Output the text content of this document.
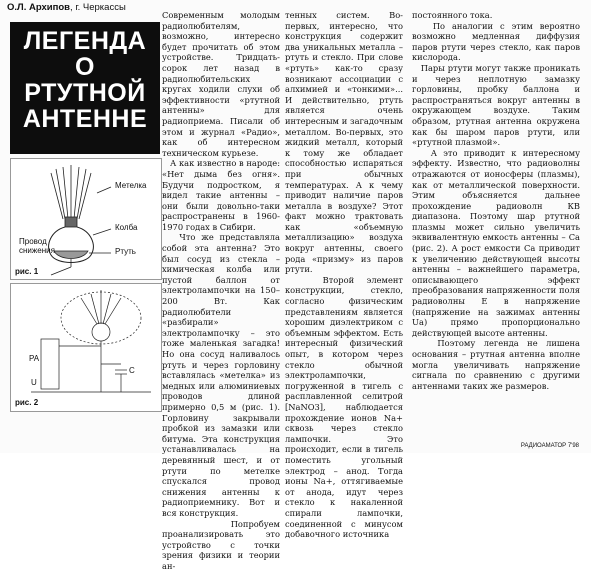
О.Л. Архипов, г. Черкассы
ЛЕГЕНДА
О
РТУТНОЙ
АНТЕННЕ
Метелка
Колба
Ртуть
Провод снижения
рис. 1
PA
C
U
рис. 2
Современным молодым радиолюбителям, возможно, интересно будет прочитать об этом устройстве. Тридцать-сорок лет назад в радиолюбительских кругах ходили слухи об эффективности «ртутной антенны» для радиоприема. Писали об этом и журнал «Радио», как об интересном техническом курьезе.
А как известно в народе: «Нет дыма без огня». Будучи подростком, я видел такие антенны – они были довольно-таки распространены в 1960-1970 годах в Сибири.
Что же представляла собой эта антенна? Это был сосуд из стекла – химическая колба или пустой баллон от электролампочки на 150–200 Вт. Как радиолюбители «разбирали» электролампочку – это тоже маленькая загадка! Но она сосуд наливалось ртуть и через горловину вставлялась «метелка» из медных или алюминиевых проводов длиной примерно 0,5 м (рис. 1). Горловину закрывали пробкой из замазки или битума. Эта конструкция устанавливалась на деревянный шест, и от ртути по метелке спускался провод снижения антенны к радиоприемнику. Вот и вся конструкция.
Попробуем проанализировать это устройство с точки зрения физики и теории ан-
тенных систем. Во-первых, интересно, что конструкция содержит два уникальных металла – ртуть и стекло. При слове «ртуть» как-то сразу возникают ассоциации с алхимией и «тонкими»... И действительно, ртуть является очень интересным и загадочным металлом. Во-первых, это жидкий металл, который к тому же обладает способностью испаряться при обычных температурах. А к чему приводит наличие паров металла в воздухе? Этот факт можно трактовать как «объемную металлизацию» воздуха вокруг антенны, своего рода «призму» из паров ртути.
Второй элемент конструкции, стекло, согласно физическим представлениям является хорошим диэлектриком с объемным эффектом. Есть интересный физический опыт, в котором через стекло обычной электролампочки, погруженной в тигель с расплавленной селитрой [NaNO3], наблюдается прохождение ионов Na+ сквозь через стекло лампочки. Это происходит, если в тигель поместить угольный электрод – анод. Тогда ионы Na+, оттягиваемые от анода, идут через стекло к накаленной спирали лампочки, соединенной с минусом добавочного источника
постоянного тока.
По аналогии с этим вероятно возможно медленная диффузия паров ртути через стекло, как паров кислорода.
Пары ртути могут также проникать и через неплотную замазку горловины, пробку баллона и распространяться вокруг антенны в окружающем воздухе. Таким образом, ртутная антенна окружена как бы шаром паров ртути, или «ртутной плазмой».
А это приводит к интересному эффекту. Известно, что радиоволны отражаются от ионосферы (плазмы), как от металлической поверхности. Этим объясняется дальнее прохождение радиоволн КВ диапазона. Поэтому шар ртутной плазмы может сильно увеличить эквивалентную емкость антенны – Сa (рис. 2). А рост емкости Сa приводит к увеличению действующей высоты антенны – важнейшего параметра, описывающего эффект преобразования напряженности поля радиоволны Е в напряжение (напряжение на зажимах антенны Uа) прямо пропорционально действующей высоте антенны.
Поэтому легенда не лишена основания – ртутная антенна вполне могла увеличивать напряжение сигнала по сравнению с другими антеннами таких же размеров.
РАДИОАМАТОР 7'98
